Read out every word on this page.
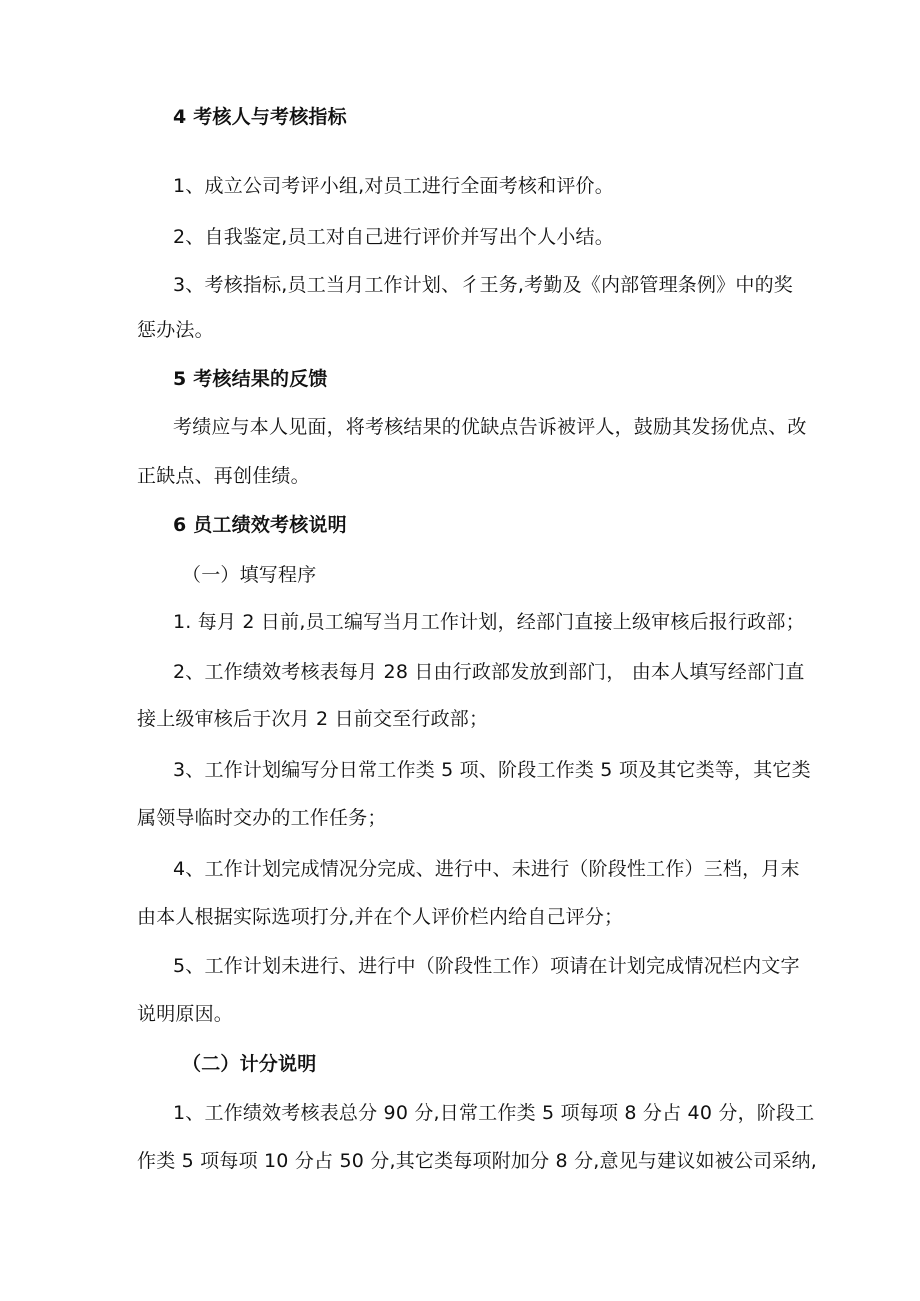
4 考核人与考核指标
1、成立公司考评小组,对员工进行全面考核和评价。
2、自我鉴定,员工对自己进行评价并写出个人小结。
3、考核指标,员工当月工作计划、彳王务,考勤及《内部管理条例》中的奖
惩办法。
5 考核结果的反馈
考绩应与本人见面，将考核结果的优缺点告诉被评人，鼓励其发扬优点、改
正缺点、再创佳绩。
6 员工绩效考核说明
（一）填写程序
1. 每月 2 日前,员工编写当月工作计划，经部门直接上级审核后报行政部；
2、工作绩效考核表每月 28 日由行政部发放到部门， 由本人填写经部门直
接上级审核后于次月 2 日前交至行政部；
3、工作计划编写分日常工作类 5 项、阶段工作类 5 项及其它类等，其它类
属领导临时交办的工作任务；
4、工作计划完成情况分完成、进行中、未进行（阶段性工作）三档，月末
由本人根据实际选项打分,并在个人评价栏内给自己评分；
5、工作计划未进行、进行中（阶段性工作）项请在计划完成情况栏内文字
说明原因。
（二）计分说明
1、工作绩效考核表总分 90 分,日常工作类 5 项每项 8 分占 40 分，阶段工
作类 5 项每项 10 分占 50 分,其它类每项附加分 8 分,意见与建议如被公司采纳,
